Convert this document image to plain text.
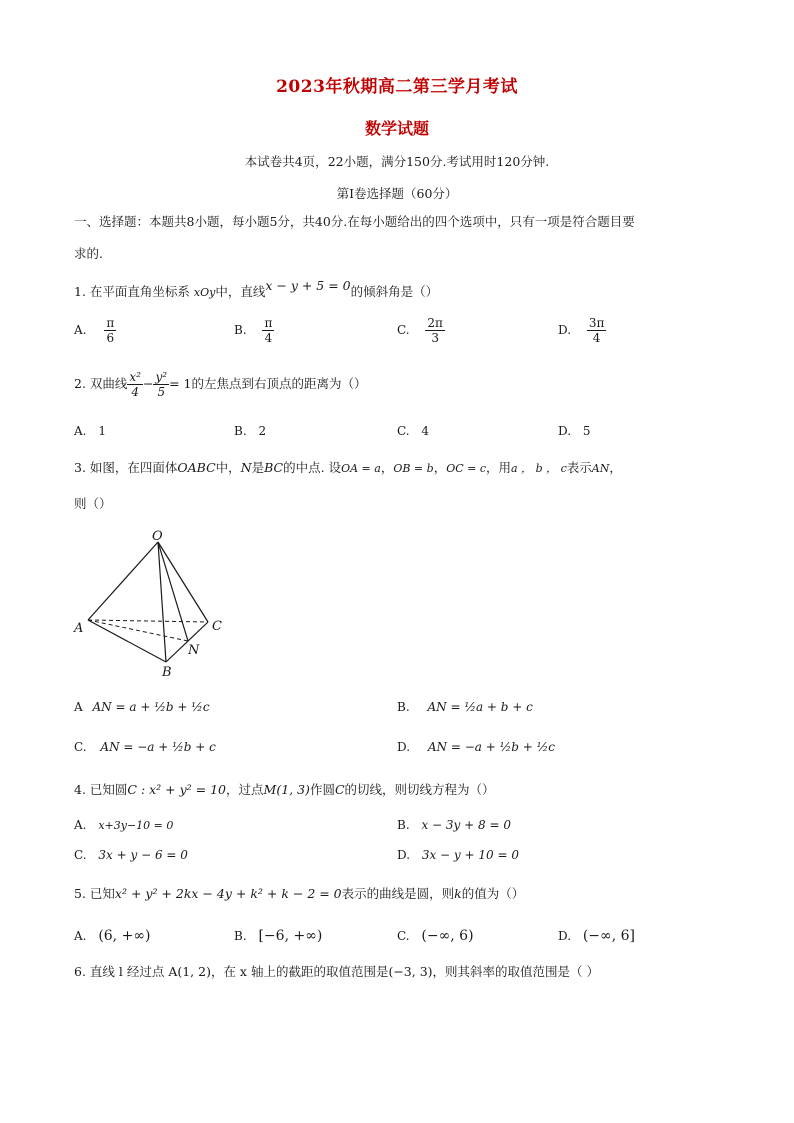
2023年秋期高二第三学月考试
数学试题
本试卷共4页，22小题，满分150分.考试用时120分钟.
第Ⅰ卷选择题（60分）
一、选择题：本题共8小题，每小题5分，共40分.在每小题给出的四个选项中，只有一项是符合题目要
求的.
1. 在平面直角坐标系 xOy中，直线x − y + 5 = 0的倾斜角是（）
A. $\frac{\pi}{6}$	B. $\frac{\pi}{4}$	C. $\frac{2\pi}{3}$	D. $\frac{3\pi}{4}$
2. 双曲线 $\frac{\text{x²}}{4} - \frac{\text{y²}}{5} = 1$的左焦点到右顶点的距离为（）
A. 1	B. 2	C. 4	D. 5
3. 如图，在四面体OABC中，N是BC的中点. 设OA = a，OB = b，OC = c，用a ， b ， c表示AN，
则（）
O
A
B
C
N
A AN = a + ½b + ½c	B. AN = ½a + b + c
C. AN = −a + ½b + c	D. AN = −a + ½b + ½c
4. 已知圆C : x² + y² = 10，过点M(1, 3)作圆C的切线，则切线方程为（）
A. x+3y−10 = 0	B. x − 3y + 8 = 0
C. 3x + y − 6 = 0	D. 3x − y + 10 = 0
5. 已知x² + y² + 2kx − 4y + k² + k − 2 = 0表示的曲线是圆，则k的值为（）
A. (6, +∞)	B. [−6, +∞)	C. (−∞, 6)	D. (−∞, 6]
6. 直线 l 经过点 A(1, 2)，在 x 轴上的截距的取值范围是(−3, 3)，则其斜率的取值范围是（ ）
